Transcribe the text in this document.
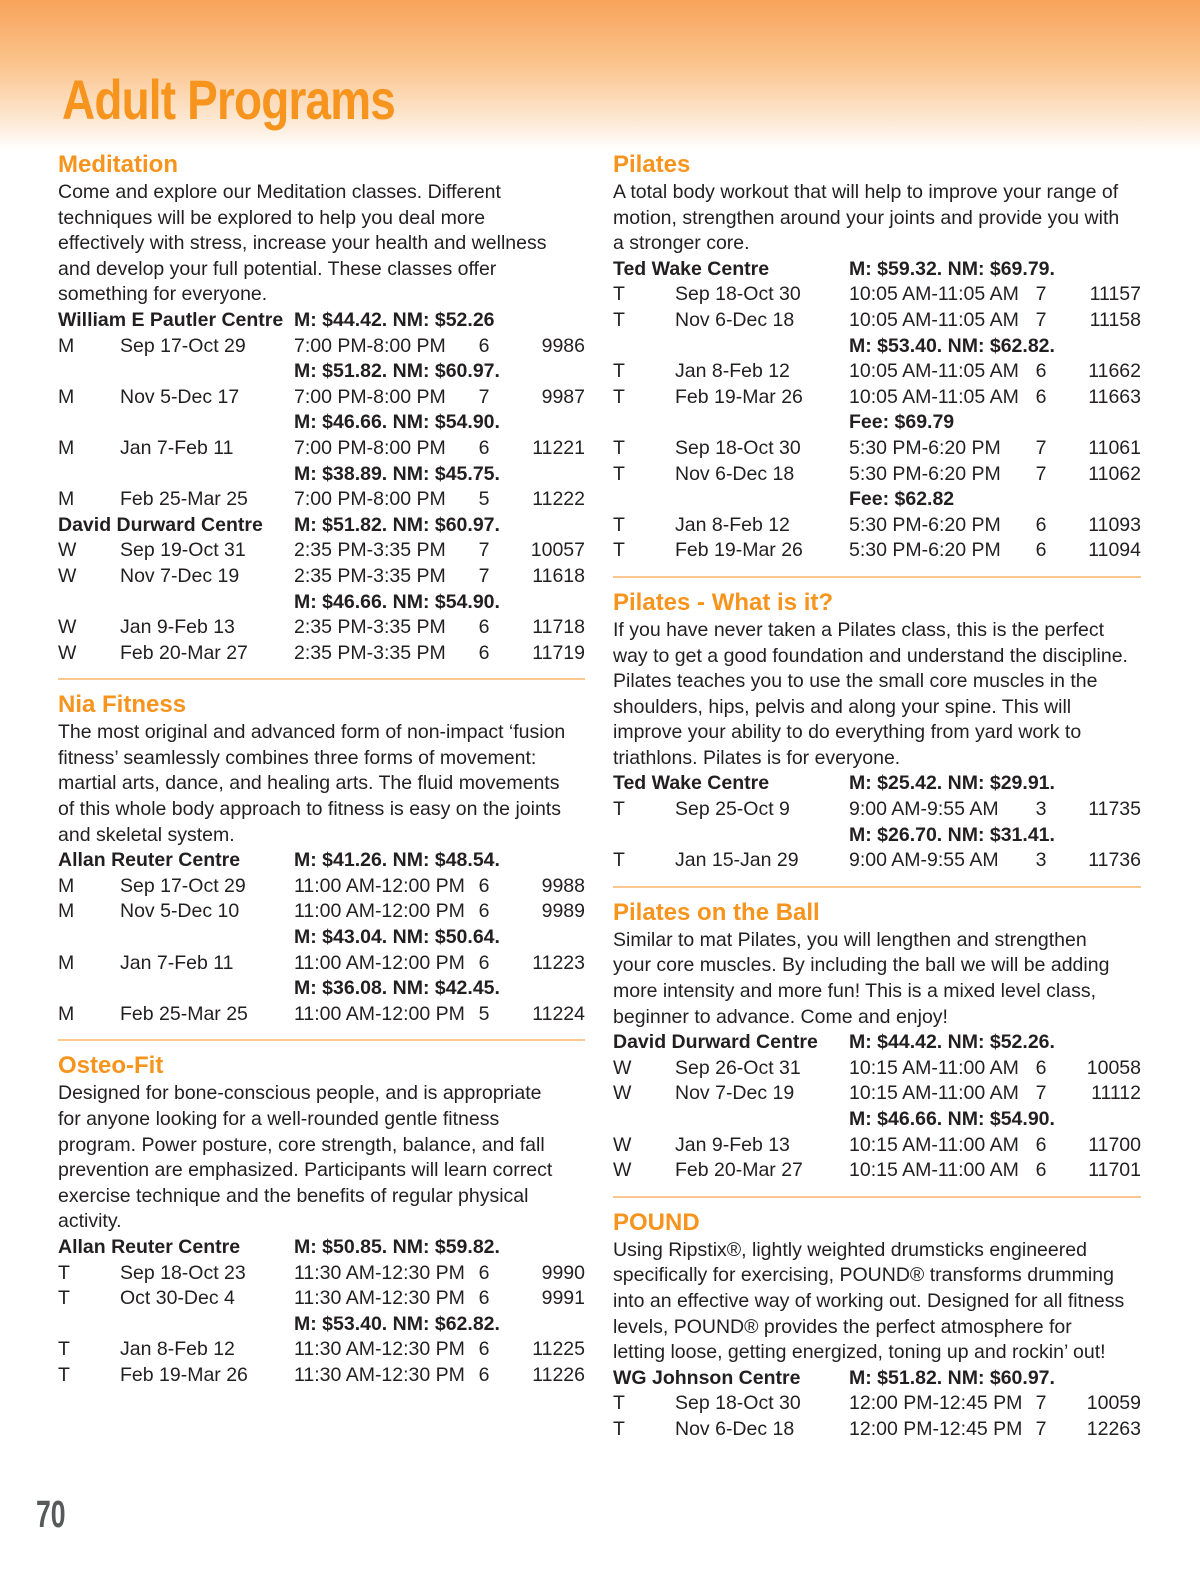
Adult Programs
Meditation

Come and explore our Meditation classes. Different
techniques will be explored to help you deal more
effectively with stress, increase your health and wellness
and develop your full potential. These classes offer
something for everyone.

William E Pautler Centre M: $44.42. NM: $52.26
M	Sep 17-Oct 29	7:00 PM-8:00 PM	6	9986
M: $51.82. NM: $60.97.
M	Nov 5-Dec 17	7:00 PM-8:00 PM	7	9987
M: $46.66. NM: $54.90.
M	Jan 7-Feb 11	7:00 PM-8:00 PM	6	11221
M: $38.89. NM: $45.75.
M	Feb 25-Mar 25	7:00 PM-8:00 PM	5	11222
David Durward Centre	M: $51.82. NM: $60.97.
W	Sep 19-Oct 31	2:35 PM-3:35 PM	7	10057
W	Nov 7-Dec 19	2:35 PM-3:35 PM	7	11618
M: $46.66. NM: $54.90.
W	Jan 9-Feb 13	2:35 PM-3:35 PM	6	11718
W	Feb 20-Mar 27	2:35 PM-3:35 PM	6	11719
Nia Fitness

The most original and advanced form of non-impact ‘fusion
fitness’ seamlessly combines three forms of movement:
martial arts, dance, and healing arts. The fluid movements
of this whole body approach to fitness is easy on the joints
and skeletal system.

Allan Reuter Centre	M: $41.26. NM: $48.54.
M	Sep 17-Oct 29	11:00 AM-12:00 PM 6	9988
M	Nov 5-Dec 10	11:00 AM-12:00 PM 6	9989
M: $43.04. NM: $50.64.
M	Jan 7-Feb 11	11:00 AM-12:00 PM 6	11223
M: $36.08. NM: $42.45.
M	Feb 25-Mar 25	11:00 AM-12:00 PM 5	11224
Osteo-Fit

Designed for bone-conscious people, and is appropriate
for anyone looking for a well-rounded gentle fitness
program. Power posture, core strength, balance, and fall
prevention are emphasized. Participants will learn correct
exercise technique and the benefits of regular physical
activity.

Allan Reuter Centre	M: $50.85. NM: $59.82.
T	Sep 18-Oct 23	11:30 AM-12:30 PM 6	9990
T	Oct 30-Dec 4	11:30 AM-12:30 PM 6	9991
M: $53.40. NM: $62.82.
T	Jan 8-Feb 12	11:30 AM-12:30 PM 6	11225
T	Feb 19-Mar 26	11:30 AM-12:30 PM 6	11226
Pilates

A total body workout that will help to improve your range of
motion, strengthen around your joints and provide you with
a stronger core.

Ted Wake Centre	M: $59.32. NM: $69.79.
T	Sep 18-Oct 30	10:05 AM-11:05 AM 7	11157
T	Nov 6-Dec 18	10:05 AM-11:05 AM 7	11158
M: $53.40. NM: $62.82.
T	Jan 8-Feb 12	10:05 AM-11:05 AM 6	11662
T	Feb 19-Mar 26	10:05 AM-11:05 AM 6	11663
Fee: $69.79
T	Sep 18-Oct 30	5:30 PM-6:20 PM	7	11061
T	Nov 6-Dec 18	5:30 PM-6:20 PM	7	11062
Fee: $62.82
T	Jan 8-Feb 12	5:30 PM-6:20 PM	6	11093
T	Feb 19-Mar 26	5:30 PM-6:20 PM	6	11094
Pilates - What is it?

If you have never taken a Pilates class, this is the perfect
way to get a good foundation and understand the discipline.
Pilates teaches you to use the small core muscles in the
shoulders, hips, pelvis and along your spine. This will
improve your ability to do everything from yard work to
triathlons. Pilates is for everyone.

Ted Wake Centre	M: $25.42. NM: $29.91.
T	Sep 25-Oct 9	9:00 AM-9:55 AM	3	11735
M: $26.70. NM: $31.41.
T	Jan 15-Jan 29	9:00 AM-9:55 AM	3	11736
Pilates on the Ball

Similar to mat Pilates, you will lengthen and strengthen
your core muscles. By including the ball we will be adding
more intensity and more fun! This is a mixed level class,
beginner to advance. Come and enjoy!

David Durward Centre	M: $44.42. NM: $52.26.
W	Sep 26-Oct 31	10:15 AM-11:00 AM 6	10058
W	Nov 7-Dec 19	10:15 AM-11:00 AM 7	11112
M: $46.66. NM: $54.90.
W	Jan 9-Feb 13	10:15 AM-11:00 AM 6	11700
W	Feb 20-Mar 27	10:15 AM-11:00 AM 6	11701
POUND

Using Ripstix®, lightly weighted drumsticks engineered
specifically for exercising, POUND® transforms drumming
into an effective way of working out. Designed for all fitness
levels, POUND® provides the perfect atmosphere for
letting loose, getting energized, toning up and rockin’ out!

WG Johnson Centre	M: $51.82. NM: $60.97.
T	Sep 18-Oct 30	12:00 PM-12:45 PM 7	10059
T	Nov 6-Dec 18	12:00 PM-12:45 PM 7	12263
70
